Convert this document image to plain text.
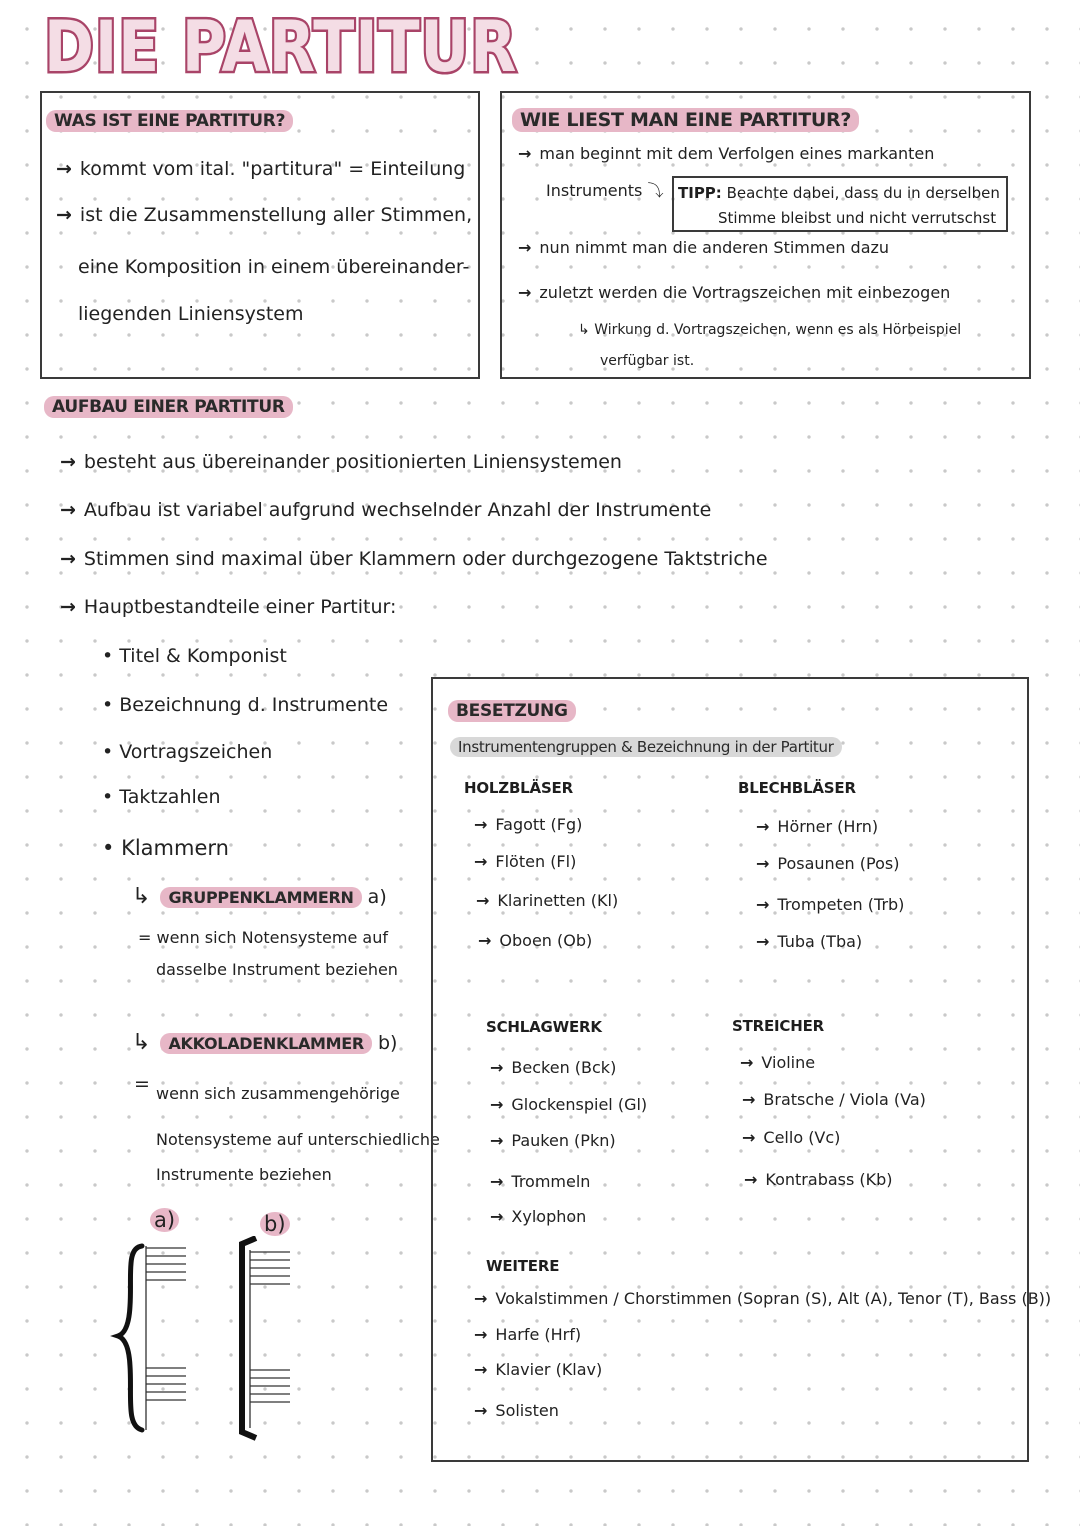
DIE PARTITUR
WAS IST EINE PARTITUR?
→ kommt vom ital. "partitura" = Einteilung
→ ist die Zusammenstellung aller Stimmen,
eine Komposition in einem übereinander-
liegenden Liniensystem
WIE LIEST MAN EINE PARTITUR?
→ man beginnt mit dem Verfolgen eines markanten
Instruments ⤵ TIPP: Beachte dabei, dass du in derselben
Stimme bleibst und nicht verrutschst
→ nun nimmt man die anderen Stimmen dazu
→ zuletzt werden die Vortragszeichen mit einbezogen
↳ Wirkung d. Vortragszeichen, wenn es als Hörbeispiel
verfügbar ist.
AUFBAU EINER PARTITUR
→ besteht aus übereinander positionierten Liniensystemen
→ Aufbau ist variabel aufgrund wechselnder Anzahl der Instrumente
→ Stimmen sind maximal über Klammern oder durchgezogene Taktstriche
→ Hauptbestandteile einer Partitur:
• Titel & Komponist
• Bezeichnung d. Instrumente
• Vortragszeichen
• Taktzahlen
• Klammern
↳ GRUPPENKLAMMERN a)
= wenn sich Notensysteme auf
dasselbe Instrument beziehen
↳ AKKOLADENKLAMMER b)
= wenn sich zusammengehörige
Notensysteme auf unterschiedliche
Instrumente beziehen
a)	b)
BESETZUNG
Instrumentengruppen & Bezeichnung in der Partitur
HOLZBLÄSER
→ Fagott (Fg)
→ Flöten (Fl)
→ Klarinetten (Kl)
→ Oboen (Ob)
BLECHBLÄSER
→ Hörner (Hrn)
→ Posaunen (Pos)
→ Trompeten (Trb)
→ Tuba (Tba)
SCHLAGWERK
→ Becken (Bck)
→ Glockenspiel (Gl)
→ Pauken (Pkn)
→ Trommeln
→ Xylophon
STREICHER
→ Violine
→ Bratsche / Viola (Va)
→ Cello (Vc)
→ Kontrabass (Kb)
WEITERE
→ Vokalstimmen / Chorstimmen (Sopran (S), Alt (A), Tenor (T), Bass (B))
→ Harfe (Hrf)
→ Klavier (Klav)
→ Solisten
